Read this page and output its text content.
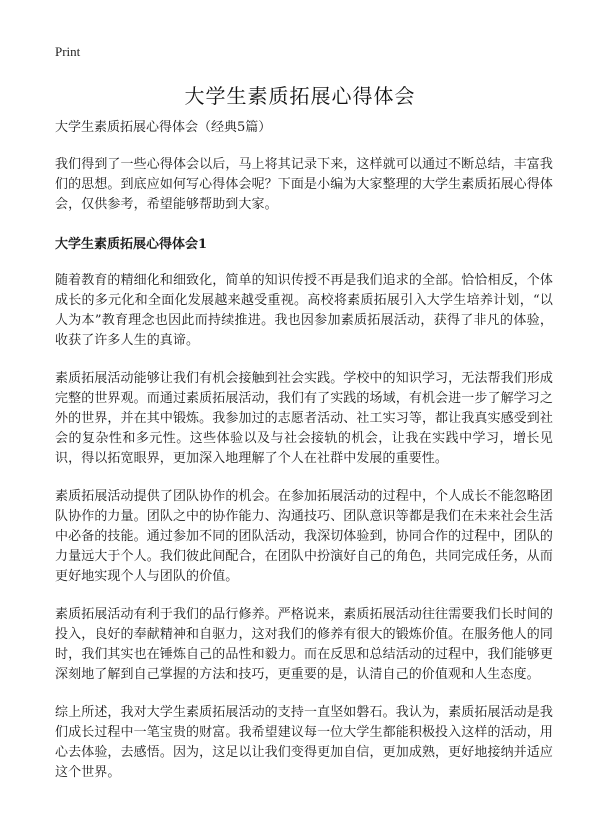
Print
大学生素质拓展心得体会

大学生素质拓展心得体会（经典5篇）

我们得到了一些心得体会以后，马上将其记录下来，这样就可以通过不断总结，丰富我们的思想。到底应如何写心得体会呢？下面是小编为大家整理的大学生素质拓展心得体会，仅供参考，希望能够帮助到大家。

大学生素质拓展心得体会1

随着教育的精细化和细致化，简单的知识传授不再是我们追求的全部。恰恰相反，个体成长的多元化和全面化发展越来越受重视。高校将素质拓展引入大学生培养计划，“以人为本”教育理念也因此而持续推进。我也因参加素质拓展活动，获得了非凡的体验，收获了许多人生的真谛。

素质拓展活动能够让我们有机会接触到社会实践。学校中的知识学习，无法帮我们形成完整的世界观。而通过素质拓展活动，我们有了实践的场域，有机会进一步了解学习之外的世界，并在其中锻炼。我参加过的志愿者活动、社工实习等，都让我真实感受到社会的复杂性和多元性。这些体验以及与社会接轨的机会，让我在实践中学习，增长见识，得以拓宽眼界，更加深入地理解了个人在社群中发展的重要性。

素质拓展活动提供了团队协作的机会。在参加拓展活动的过程中，个人成长不能忽略团队协作的力量。团队之中的协作能力、沟通技巧、团队意识等都是我们在未来社会生活中必备的技能。通过参加不同的团队活动，我深切体验到，协同合作的过程中，团队的力量远大于个人。我们彼此间配合，在团队中扮演好自己的角色，共同完成任务，从而更好地实现个人与团队的价值。

素质拓展活动有利于我们的品行修养。严格说来，素质拓展活动往往需要我们长时间的投入，良好的奉献精神和自驱力，这对我们的修养有很大的锻炼价值。在服务他人的同时，我们其实也在锤炼自己的品性和毅力。而在反思和总结活动的过程中，我们能够更深刻地了解到自己掌握的方法和技巧，更重要的是，认清自己的价值观和人生态度。

综上所述，我对大学生素质拓展活动的支持一直坚如磐石。我认为，素质拓展活动是我们成长过程中一笔宝贵的财富。我希望建议每一位大学生都能积极投入这样的活动，用心去体验，去感悟。因为，这足以让我们变得更加自信，更加成熟，更好地接纳并适应这个世界。
